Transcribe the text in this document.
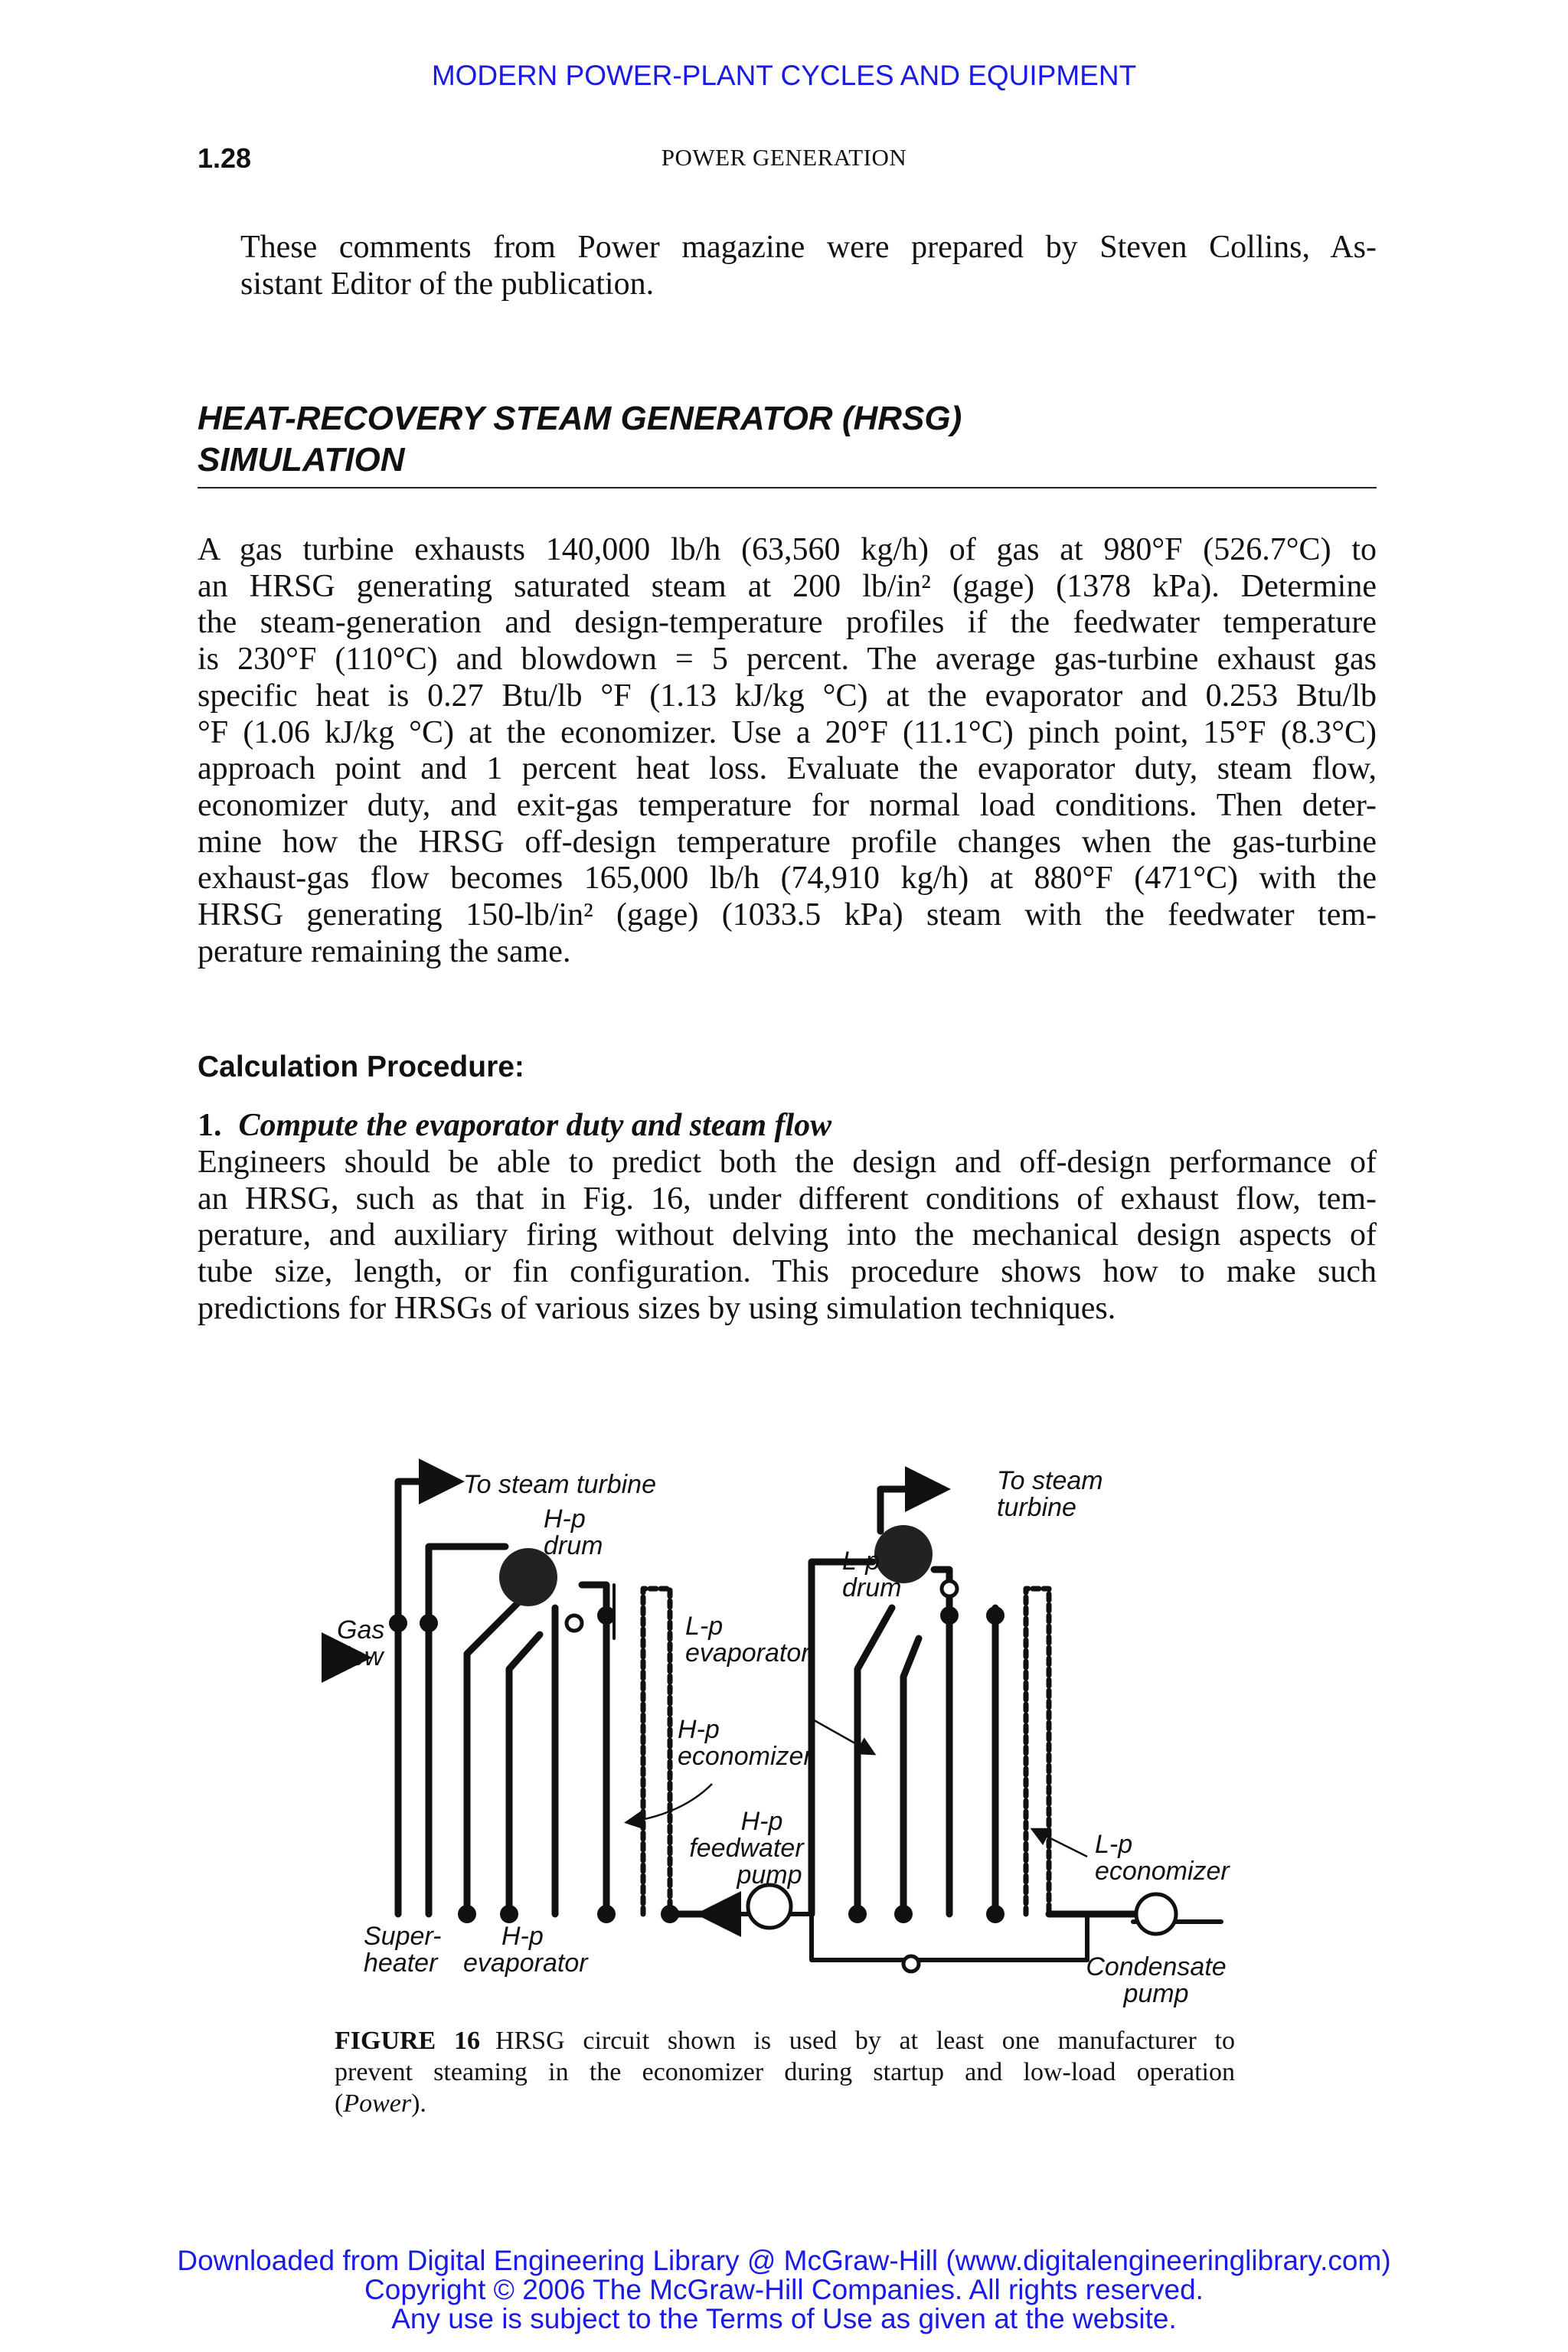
MODERN POWER-PLANT CYCLES AND EQUIPMENT
1.28	POWER GENERATION
These comments from Power magazine were prepared by Steven Collins, As-
sistant Editor of the publication.
HEAT-RECOVERY STEAM GENERATOR (HRSG)
SIMULATION
A gas turbine exhausts 140,000 lb/h (63,560 kg/h) of gas at 980°F (526.7°C) to
an HRSG generating saturated steam at 200 lb/in² (gage) (1378 kPa). Determine
the steam-generation and design-temperature profiles if the feedwater temperature
is 230°F (110°C) and blowdown = 5 percent. The average gas-turbine exhaust gas
specific heat is 0.27 Btu/lb °F (1.13 kJ/kg °C) at the evaporator and 0.253 Btu/lb
°F (1.06 kJ/kg °C) at the economizer. Use a 20°F (11.1°C) pinch point, 15°F (8.3°C)
approach point and 1 percent heat loss. Evaluate the evaporator duty, steam flow,
economizer duty, and exit-gas temperature for normal load conditions. Then deter-
mine how the HRSG off-design temperature profile changes when the gas-turbine
exhaust-gas flow becomes 165,000 lb/h (74,910 kg/h) at 880°F (471°C) with the
HRSG generating 150-lb/in² (gage) (1033.5 kPa) steam with the feedwater tem-
perature remaining the same.
Calculation Procedure:
1. Compute the evaporator duty and steam flow
Engineers should be able to predict both the design and off-design performance of
an HRSG, such as that in Fig. 16, under different conditions of exhaust flow, tem-
perature, and auxiliary firing without delving into the mechanical design aspects of
tube size, length, or fin configuration. This procedure shows how to make such
predictions for HRSGs of various sizes by using simulation techniques.
To steam turbine
H-p
drum
To steam
turbine
L-p
drum
Gas
flow
L-p
evaporator
H-p
economizer
H-p
feedwater
pump
L-p
economizer
Super-
heater
H-p
evaporator	Condensate
pump
FIGURE 16 HRSG circuit shown is used by at least one manufacturer to
prevent steaming in the economizer during startup and low-load operation
(Power).
Downloaded from Digital Engineering Library @ McGraw-Hill (www.digitalengineeringlibrary.com)
Copyright © 2006 The McGraw-Hill Companies. All rights reserved.
Any use is subject to the Terms of Use as given at the website.
